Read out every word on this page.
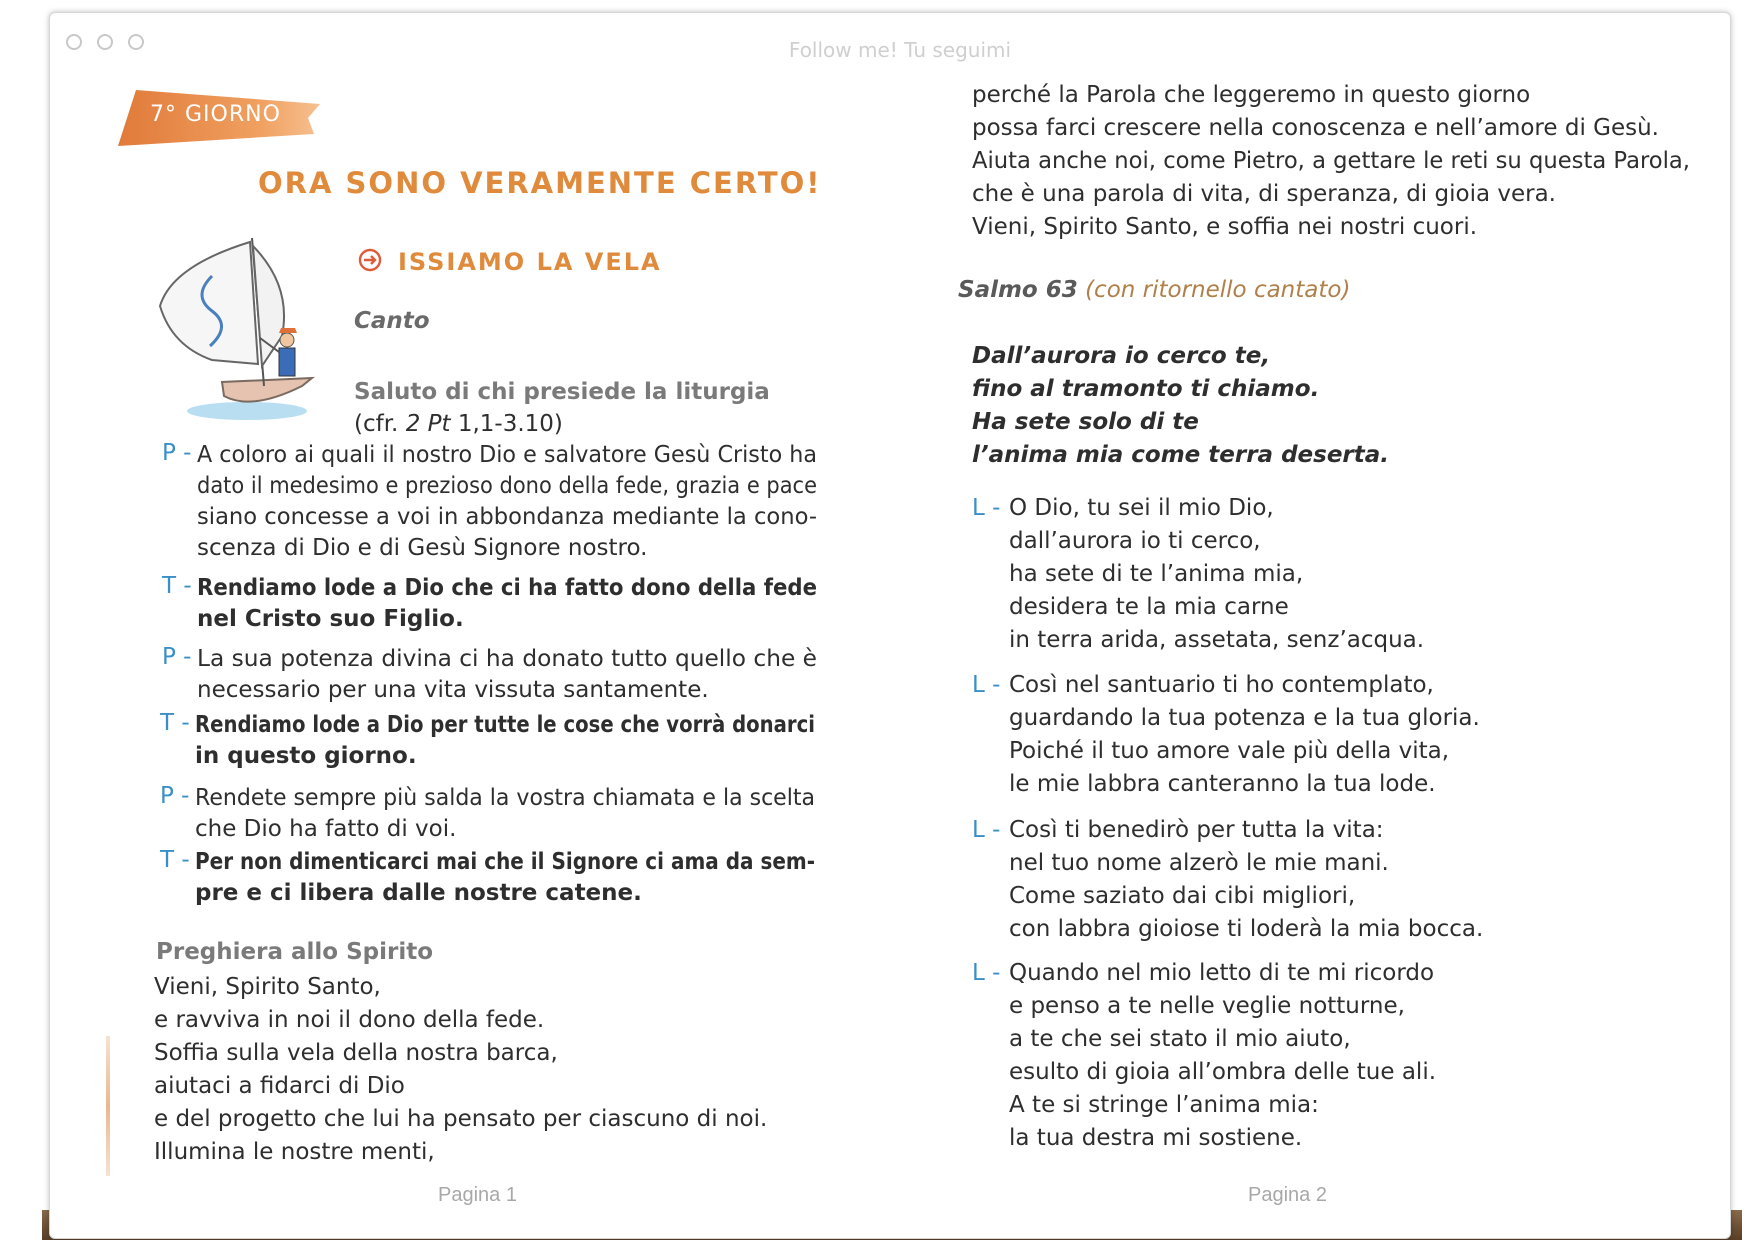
Follow me! Tu seguimi
7° GIORNO
ORA SONO VERAMENTE CERTO!
ISSIAMO LA VELA
Canto
Saluto di chi presiede la liturgia
(cfr. 2 Pt 1,1-3.10)
P - A coloro ai quali il nostro Dio e salvatore Gesù Cristo ha
dato il medesimo e prezioso dono della fede, grazia e pace
siano concesse a voi in abbondanza mediante la cono-
scenza di Dio e di Gesù Signore nostro.
T - Rendiamo lode a Dio che ci ha fatto dono della fede
nel Cristo suo Figlio.
P - La sua potenza divina ci ha donato tutto quello che è
necessario per una vita vissuta santamente.
T - Rendiamo lode a Dio per tutte le cose che vorrà donarci
in questo giorno.
P - Rendete sempre più salda la vostra chiamata e la scelta
che Dio ha fatto di voi.
T - Per non dimenticarci mai che il Signore ci ama da sem-
pre e ci libera dalle nostre catene.
Preghiera allo Spirito
Vieni, Spirito Santo,
e ravviva in noi il dono della fede.
Soffia sulla vela della nostra barca,
aiutaci a fidarci di Dio
e del progetto che lui ha pensato per ciascuno di noi.
Illumina le nostre menti,
Pagina 1
perché la Parola che leggeremo in questo giorno
possa farci crescere nella conoscenza e nell’amore di Gesù.
Aiuta anche noi, come Pietro, a gettare le reti su questa Parola,
che è una parola di vita, di speranza, di gioia vera.
Vieni, Spirito Santo, e soffia nei nostri cuori.
Salmo 63 (con ritornello cantato)
Dall’aurora io cerco te,
fino al tramonto ti chiamo.
Ha sete solo di te
l’anima mia come terra deserta.
L - O Dio, tu sei il mio Dio,
dall’aurora io ti cerco,
ha sete di te l’anima mia,
desidera te la mia carne
in terra arida, assetata, senz’acqua.
L - Così nel santuario ti ho contemplato,
guardando la tua potenza e la tua gloria.
Poiché il tuo amore vale più della vita,
le mie labbra canteranno la tua lode.
L - Così ti benedirò per tutta la vita:
nel tuo nome alzerò le mie mani.
Come saziato dai cibi migliori,
con labbra gioiose ti loderà la mia bocca.
L - Quando nel mio letto di te mi ricordo
e penso a te nelle veglie notturne,
a te che sei stato il mio aiuto,
esulto di gioia all’ombra delle tue ali.
A te si stringe l’anima mia:
la tua destra mi sostiene.
Pagina 2
